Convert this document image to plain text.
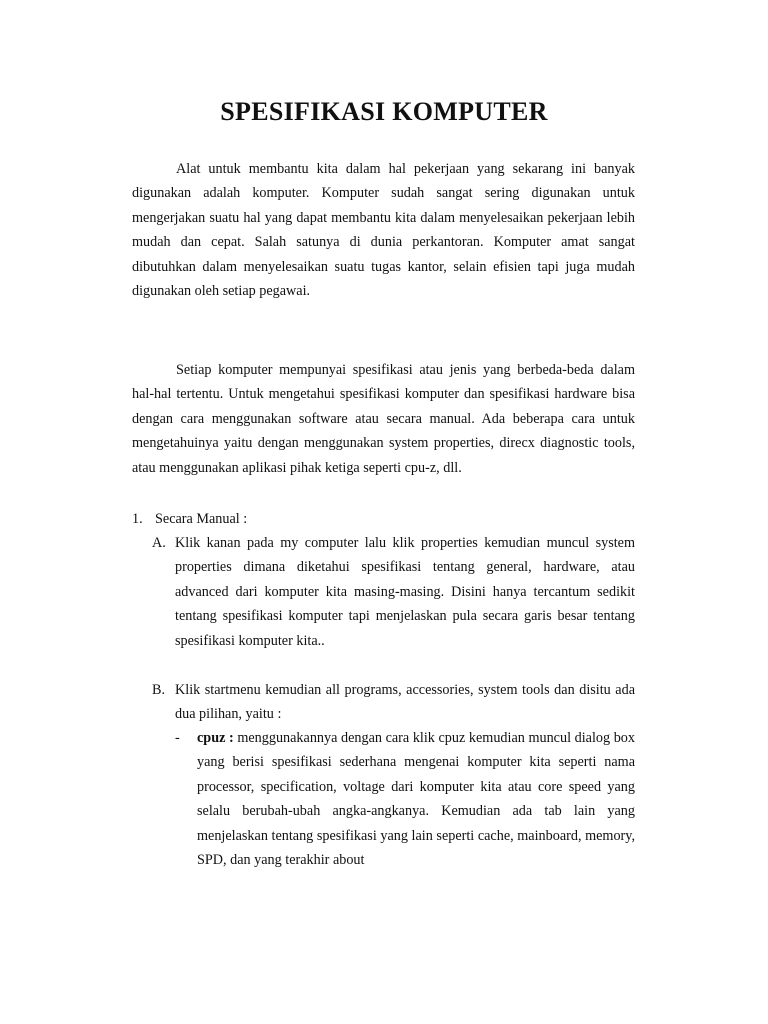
SPESIFIKASI KOMPUTER

Alat untuk membantu kita dalam hal pekerjaan yang sekarang ini banyak digunakan adalah komputer. Komputer sudah sangat sering digunakan untuk mengerjakan suatu hal yang dapat membantu kita dalam menyelesaikan pekerjaan lebih mudah dan cepat. Salah satunya di dunia perkantoran. Komputer amat sangat dibutuhkan dalam menyelesaikan suatu tugas kantor, selain efisien tapi juga mudah digunakan oleh setiap pegawai.

Setiap komputer mempunyai spesifikasi atau jenis yang berbeda-beda dalam hal-hal tertentu. Untuk mengetahui spesifikasi komputer dan spesifikasi hardware bisa dengan cara menggunakan software atau secara manual. Ada beberapa cara untuk mengetahuinya yaitu dengan menggunakan system properties, direcx diagnostic tools, atau menggunakan aplikasi pihak ketiga seperti cpu-z, dll.

1. Secara Manual :
A. Klik kanan pada my computer lalu klik properties kemudian muncul system properties dimana diketahui spesifikasi tentang general, hardware, atau advanced dari komputer kita masing-masing. Disini hanya tercantum sedikit tentang spesifikasi komputer tapi menjelaskan pula secara garis besar tentang spesifikasi komputer kita..
B. Klik startmenu kemudian all programs, accessories, system tools dan disitu ada dua pilihan, yaitu :
- cpuz : menggunakannya dengan cara klik cpuz kemudian muncul dialog box yang berisi spesifikasi sederhana mengenai komputer kita seperti nama processor, specification, voltage dari komputer kita atau core speed yang selalu berubah-ubah angka-angkanya. Kemudian ada tab lain yang menjelaskan tentang spesifikasi yang lain seperti cache, mainboard, memory, SPD, dan yang terakhir about
